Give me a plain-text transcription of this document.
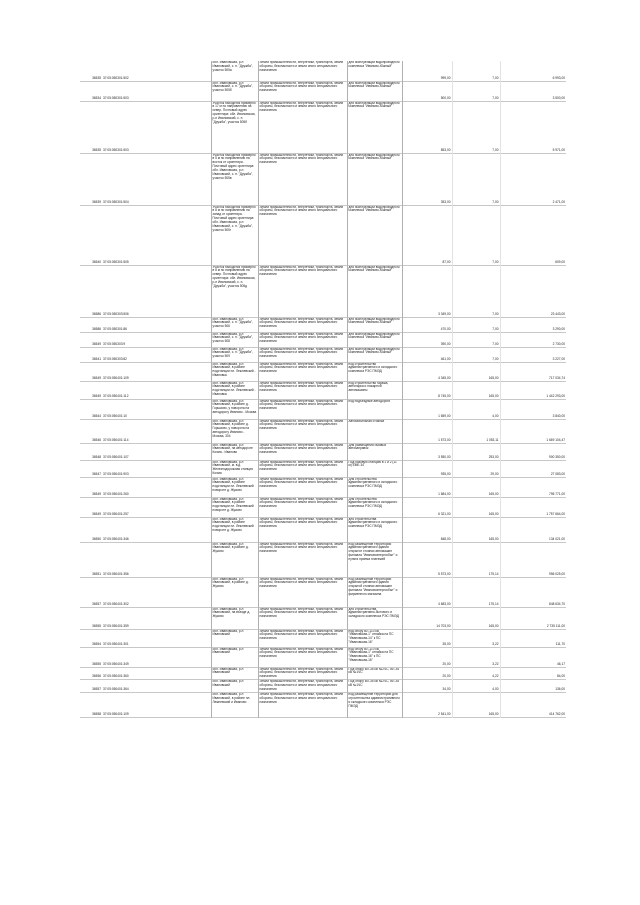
36535	37:05:050301:502	обл. Ивановская, р-н Ивановский, с. п. "Дружба", участок 505а	Земли промышленности, энергетики, транспорта, земли обороны, безопасности и земли иного специального назначения	для эксплуатации водопроводного комплекса "Иваново-Южный"	999,00	7,00	6 993,00
36534	37:05:050301:503	обл. Ивановская, р-н Ивановский, с. п. "Дружба", участок 505б	Земли промышленности, энергетики, транспорта, земли обороны, безопасности и земли иного специального назначения	для эксплуатации водопроводного комплекса "Иваново-Южный"	500,00	7,00	3 500,00
36535	37:05:050301:503	Участок находится примерно в 17 м по направлению на север. Почтовый адрес ориентира: обл. Ивановская, р-н Ивановский, с. п. "Дружба", участок 505б	Земли промышленности, энергетики, транспорта, земли обороны, безопасности и земли иного специального назначения	для эксплуатации водопроводного комплекса "Иваново-Южный"	853,00	7,00	5 971,00
36539	37:05:050301:504	Участок находится примерно в 5 м по направлению на восток от ориентира. Почтовый адрес ориентира: обл. Ивановская, р-н Ивановский, с. п. "Дружба", участок 505в	Земли промышленности, энергетики, транспорта, земли обороны, безопасности и земли иного специального назначения	для эксплуатации водопроводного комплекса "Иваново-Южный"	353,00	7,00	2 471,00
36540	37:05:050301:505	Участок находится примерно в 8 м по направлению на запад от ориентира. Почтовый адрес ориентира: обл. Ивановская, р-н Ивановский, с. п. "Дружба", участок 505г	Земли промышленности, энергетики, транспорта, земли обороны, безопасности и земли иного специального назначения	для эксплуатации водопроводного комплекса "Иваново-Южный"	87,00	7,00	609,00
36586	37:05:050303:506	Участок находится примерно в 8 м по направлению на север. Почтовый адрес ориентира: обл. Ивановская, р-н Ивановский, с. п. "Дружба", участок 505д	Земли промышленности, энергетики, транспорта, земли обороны, безопасности и земли иного специального назначения	для эксплуатации водопроводного комплекса "Иваново-Южный"	3 349,00	7,00	23 443,00
36586	37:05:050301:86	обл. Ивановская, р-н Ивановский, с. п. "Дружба", участок 506	Земли промышленности, энергетики, транспорта, земли обороны, безопасности и земли иного специального назначения	для эксплуатации водопроводного комплекса "Иваново-Южный"	470,00	7,00	3 290,00
36549	37:05:050303:9	обл. Ивановская, р-н Ивановский, с. п. "Дружба", участок 508	Земли промышленности, энергетики, транспорта, земли обороны, безопасности и земли иного специального назначения	для эксплуатации водопроводного комплекса "Иваново-Южный"	390,00	7,00	2 730,00
36541	37:05:050303:82	обл. Ивановская, р-н Ивановский, с. п. "Дружба", участок 509	Земли промышленности, энергетики, транспорта, земли обороны, безопасности и земли иного специального назначения	для эксплуатации водопроводного комплекса "Иваново-Южный"	461,00	7,00	3 227,00
36549	37:05:050401:109	обл. Ивановская, р-н Ивановский, в районе подстанции пл. Лежневский - Ивановка	Земли промышленности, энергетики, транспорта, земли обороны, безопасности и земли иного специального назначения	под строительство административного и складского комплекса РЭС ПМЭД	4 345,00	165,00	717 034,74
36549	37:05:050401:112	обл. Ивановская, р-н Ивановский, в районе подстанции пл. Лежневский - Ивановка	Земли промышленности, энергетики, транспорта, земли обороны, безопасности и земли иного специального назначения	под строительство гаража, автопарка и пожарной автомашины	8 745,00	165,00	1 442 293,00
36544	37:05:050401:10	обл. Ивановская, р-н Ивановский, в районе д. Горшково, у поворота на автодорогу Иваново - Москва	Земли промышленности, энергетики, транспорта, земли обороны, безопасности и земли иного специального назначения	под подъездные автодороги	1 659,00	4,00	3 840,00
36546	37:05:050401:114	обл. Ивановская, р-н Ивановский, в районе д. Горшково, у поворота на автодорогу Иваново - Москва, 304	Земли промышленности, энергетики, транспорта, земли обороны, безопасности и земли иного специального назначения	Автомобильная стоянка	1 573,00	1 053,11	1 669 104,47
36548	37:05:050401:107	обл. Ивановская, р-н Ивановский, на автодороге Кохма - Иваново	Земли промышленности, энергетики, транспорта, земли обороны, безопасности и земли иного специального назначения	Для размещения газовых автозаправок	3 550,00	253,00	900 350,00
36547	37:05:050401:903	обл. Ивановская, р-н Ивановский, м. в.д. Железнодорожная станция Кохма	Земли промышленности, энергетики, транспорта, земли обороны, безопасности и земли иного специального назначения	Под базовую станцию в 1 и 2 (11 м) БМБ 34	935,00	29,00	27 083,00
36549	37:05:050401:260	обл. Ивановская, р-н Ивановский, в районе подстанции пл. Лежневский повороте д. Жуково	Земли промышленности, энергетики, транспорта, земли обороны, безопасности и земли иного специального назначения	Для строительства административного и складского комплекса РЭС ПМЭД	1 684,00	165,00	795 771,00
36549	37:05:050401:257	обл. Ивановская, р-н Ивановский, в районе подстанции пл. Лежневский повороте д. Жуково	Земли промышленности, энергетики, транспорта, земли обороны, безопасности и земли иного специального назначения	Для строительства административного и складского комплекса РЭС ПМЭД	6 321,00	165,00	1 757 664,00
36550	37:05:050401:346	обл. Ивановская, р-н Ивановский, в районе подстанции пл. Лежневский повороте д. Жуково	Земли промышленности, энергетики, транспорта, земли обороны, безопасности и земли иного специального назначения	для строительства административного и складского комплекса РЭС ПМЭД	848,00	165,00	134 021,00
36551	37:05:050401:356	обл. Ивановская, р-н Ивановский, в районе д. Жуково	Земли промышленности, энергетики, транспорта, земли обороны, безопасности и земли иного специального назначения	под размещение территории административного здания открытое стоянки автомашин филиала "Ивановоэнергосбыт" и пункта приема платежей	5 573,00	175,14	956 025,00
36557	37:05:050401:302	обл. Ивановская, р-н Ивановский, в районе д. Жуково	Земли промышленности, энергетики, транспорта, земли обороны, безопасности и земли иного специального назначения	под размещение территории административного здания открытой стоянки автомашин филиала "Ивановоэнергосбыт" и фирменного магазина	4 683,00	175,14	848 634,70
36555	37:05:050401:359	обл. Ивановская, р-н Ивановский, на въезде д. Жуково	Земли промышленности, энергетики, транспорта, земли обороны, безопасности и земли иного специального назначения	для строительства административно-бытового и складского комплекса РЭС ПМЭД	14 703,00	165,00	2 735 111,00
36554	37:05:050401:301	обл. Ивановская, р-н Ивановский	Земли промышленности, энергетики, транспорта, земли обороны, безопасности и земли иного специального назначения	под опору ВЛ-110 кВ "Ивановская-1" отпайка на ПС "Ивановская-14" к ПС "Ивановская-16"	35,00	3,22	111,70
36555	37:05:050401:349	обл. Ивановская, р-н Ивановский	Земли промышленности, энергетики, транспорта, земли обороны, безопасности и земли иного специального назначения	под опору ВЛ-110 кВ "Ивановская-1" отпайка на ПС "Ивановская-16" к ПС "Ивановская-16"	20,00	3,22	46,17
36556	37:05:050401:360	обл. Ивановская, р-н Ивановский	Земли промышленности, энергетики, транспорта, земли обороны, безопасности и земли иного специального назначения	Под опору ВЛ-35 кВ №2ЧС, ВЛ-35 кВ №1ЧС	20,00	4,22	84,00
36557	37:05:050401:364	обл. Ивановская, р-н Ивановский	Земли промышленности, энергетики, транспорта, земли обороны, безопасности и земли иного специального назначения	Под опору ВЛ-35 кВ №2ЧС, ВЛ-35 кВ №1ЧС	34,00	4,00	136,00
36558	37:05:050401:109	обл. Ивановская, р-н Ивановский, в районе пл. Лежневский и Иваново	Земли промышленности, энергетики, транспорта, земли обороны, безопасности и земли иного специального назначения	под размещение территории для строительства административного и складского комплекса РЭС ПМЭД	2 541,00	165,00	414 762,00
